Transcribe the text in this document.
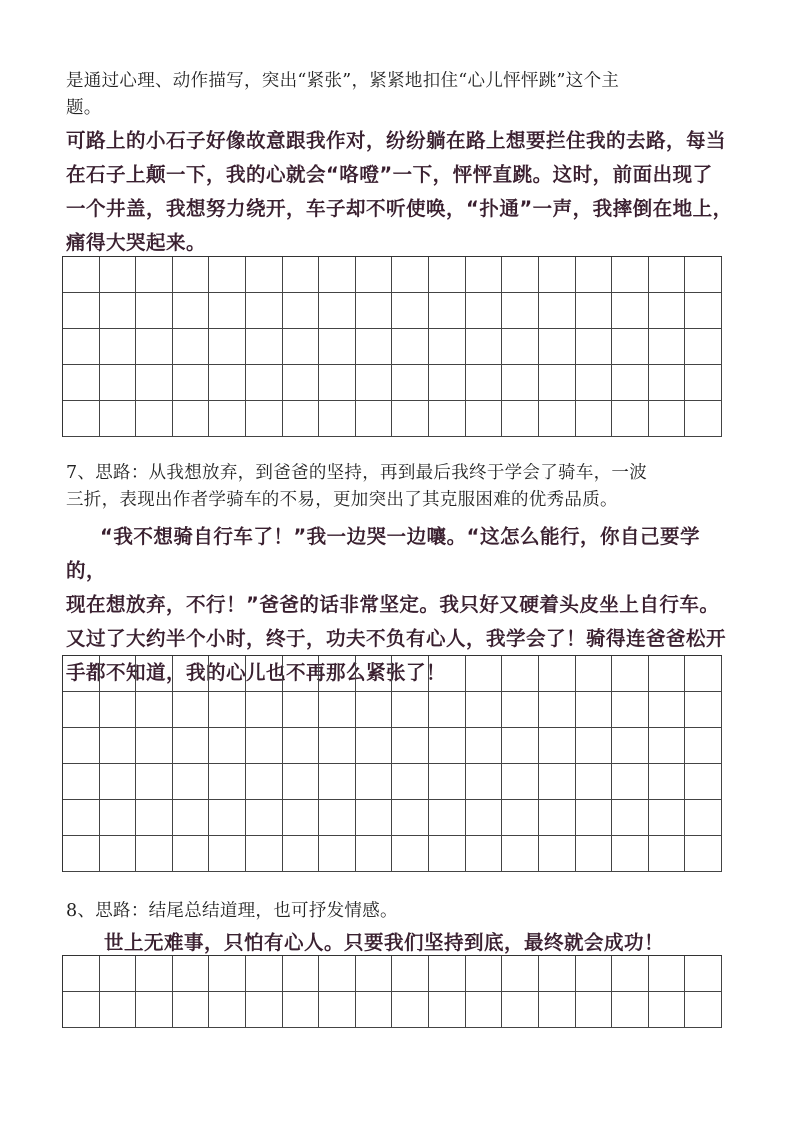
是通过心理、动作描写，突出“紧张”，紧紧地扣住“心儿怦怦跳”这个主
题。
可路上的小石子好像故意跟我作对，纷纷躺在路上想要拦住我的去路，每当
在石子上颠一下，我的心就会“咯噔”一下，怦怦直跳。这时，前面出现了
一个井盖，我想努力绕开，车子却不听使唤，“扑通”一声，我摔倒在地上，
痛得大哭起来。
7、思路：从我想放弃，到爸爸的坚持，再到最后我终于学会了骑车，一波
三折，表现出作者学骑车的不易，更加突出了其克服困难的优秀品质。
“我不想骑自行车了！”我一边哭一边嚷。“这怎么能行，你自己要学的，
现在想放弃，不行！”爸爸的话非常坚定。我只好又硬着头皮坐上自行车。
又过了大约半个小时，终于，功夫不负有心人，我学会了！骑得连爸爸松开
手都不知道，我的心儿也不再那么紧张了！
8、思路：结尾总结道理，也可抒发情感。
世上无难事，只怕有心人。只要我们坚持到底，最终就会成功！
